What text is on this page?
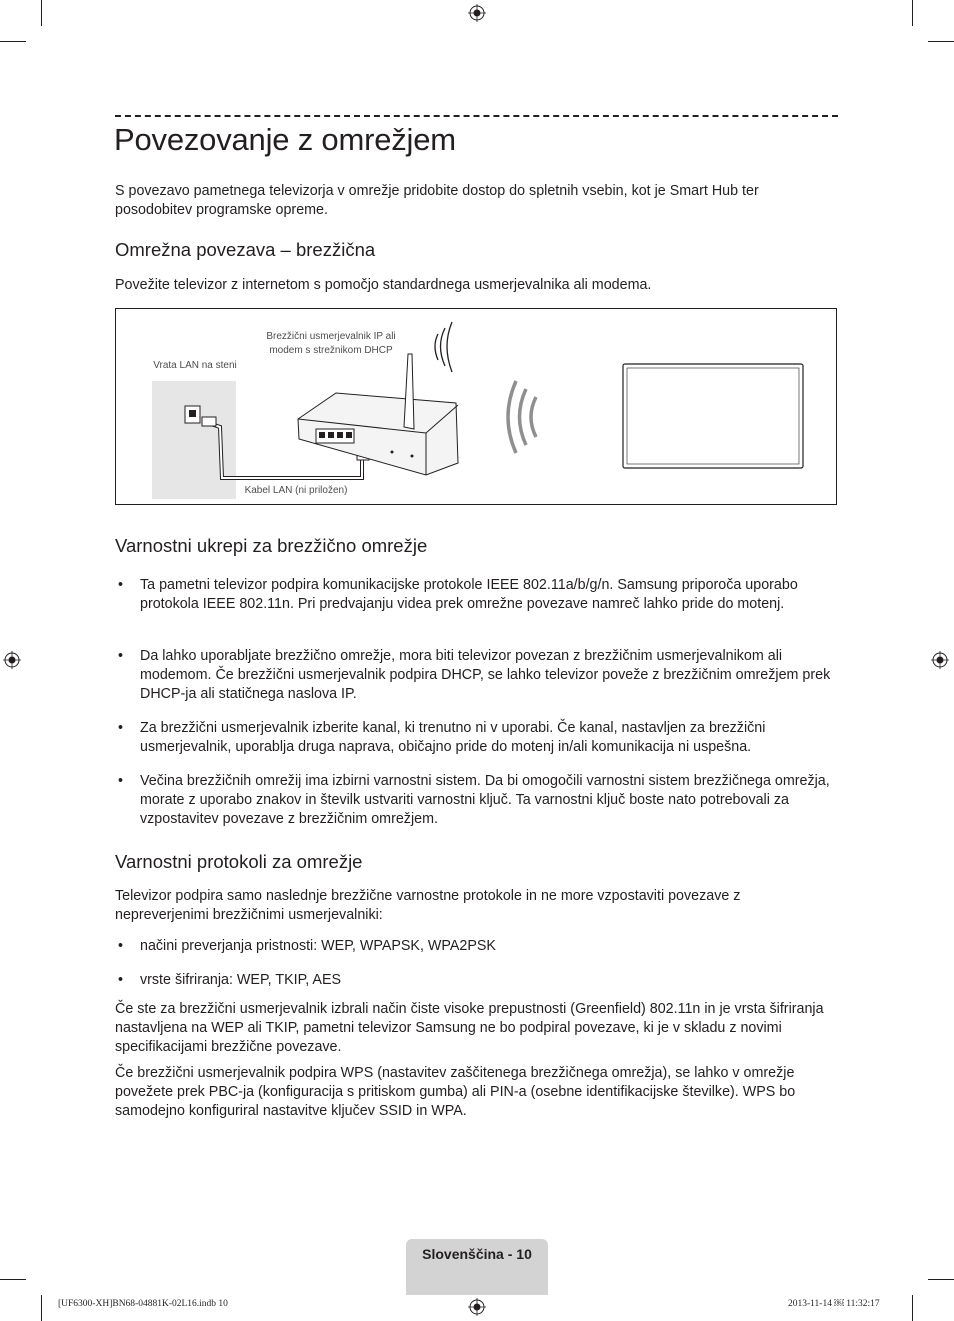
Povezovanje z omrežjem
S povezavo pametnega televizorja v omrežje pridobite dostop do spletnih vsebin, kot je Smart Hub ter posodobitev programske opreme.
Omrežna povezava – brezžična
Povežite televizor z internetom s pomočjo standardnega usmerjevalnika ali modema.
Brezžični usmerjevalnik IP ali
modem s strežnikom DHCP
Vrata LAN na steni
Kabel LAN (ni priložen)
Varnostni ukrepi za brezžično omrežje
• Ta pametni televizor podpira komunikacijske protokole IEEE 802.11a/b/g/n. Samsung priporoča uporabo protokola IEEE 802.11n. Pri predvajanju videa prek omrežne povezave namreč lahko pride do motenj.
• Da lahko uporabljate brezžično omrežje, mora biti televizor povezan z brezžičnim usmerjevalnikom ali modemom. Če brezžični usmerjevalnik podpira DHCP, se lahko televizor poveže z brezžičnim omrežjem prek DHCP-ja ali statičnega naslova IP.
• Za brezžični usmerjevalnik izberite kanal, ki trenutno ni v uporabi. Če kanal, nastavljen za brezžični usmerjevalnik, uporablja druga naprava, običajno pride do motenj in/ali komunikacija ni uspešna.
• Večina brezžičnih omrežij ima izbirni varnostni sistem. Da bi omogočili varnostni sistem brezžičnega omrežja, morate z uporabo znakov in številk ustvariti varnostni ključ. Ta varnostni ključ boste nato potrebovali za vzpostavitev povezave z brezžičnim omrežjem.
Varnostni protokoli za omrežje
Televizor podpira samo naslednje brezžične varnostne protokole in ne more vzpostaviti povezave z nepreverjenimi brezžičnimi usmerjevalniki:
• načini preverjanja pristnosti: WEP, WPAPSK, WPA2PSK
• vrste šifriranja: WEP, TKIP, AES
Če ste za brezžični usmerjevalnik izbrali način čiste visoke prepustnosti (Greenfield) 802.11n in je vrsta šifriranja nastavljena na WEP ali TKIP, pametni televizor Samsung ne bo podpiral povezave, ki je v skladu z novimi specifikacijami brezžične povezave.
Če brezžični usmerjevalnik podpira WPS (nastavitev zaščitenega brezžičnega omrežja), se lahko v omrežje povežete prek PBC-ja (konfiguracija s pritiskom gumba) ali PIN-a (osebne identifikacijske številke). WPS bo samodejno konfiguriral nastavitve ključev SSID in WPA.
Slovenščina - 10
[UF6300-XH]BN68-04881K-02L16.indb 10	2013-11-14 ￼ 11:32:17
